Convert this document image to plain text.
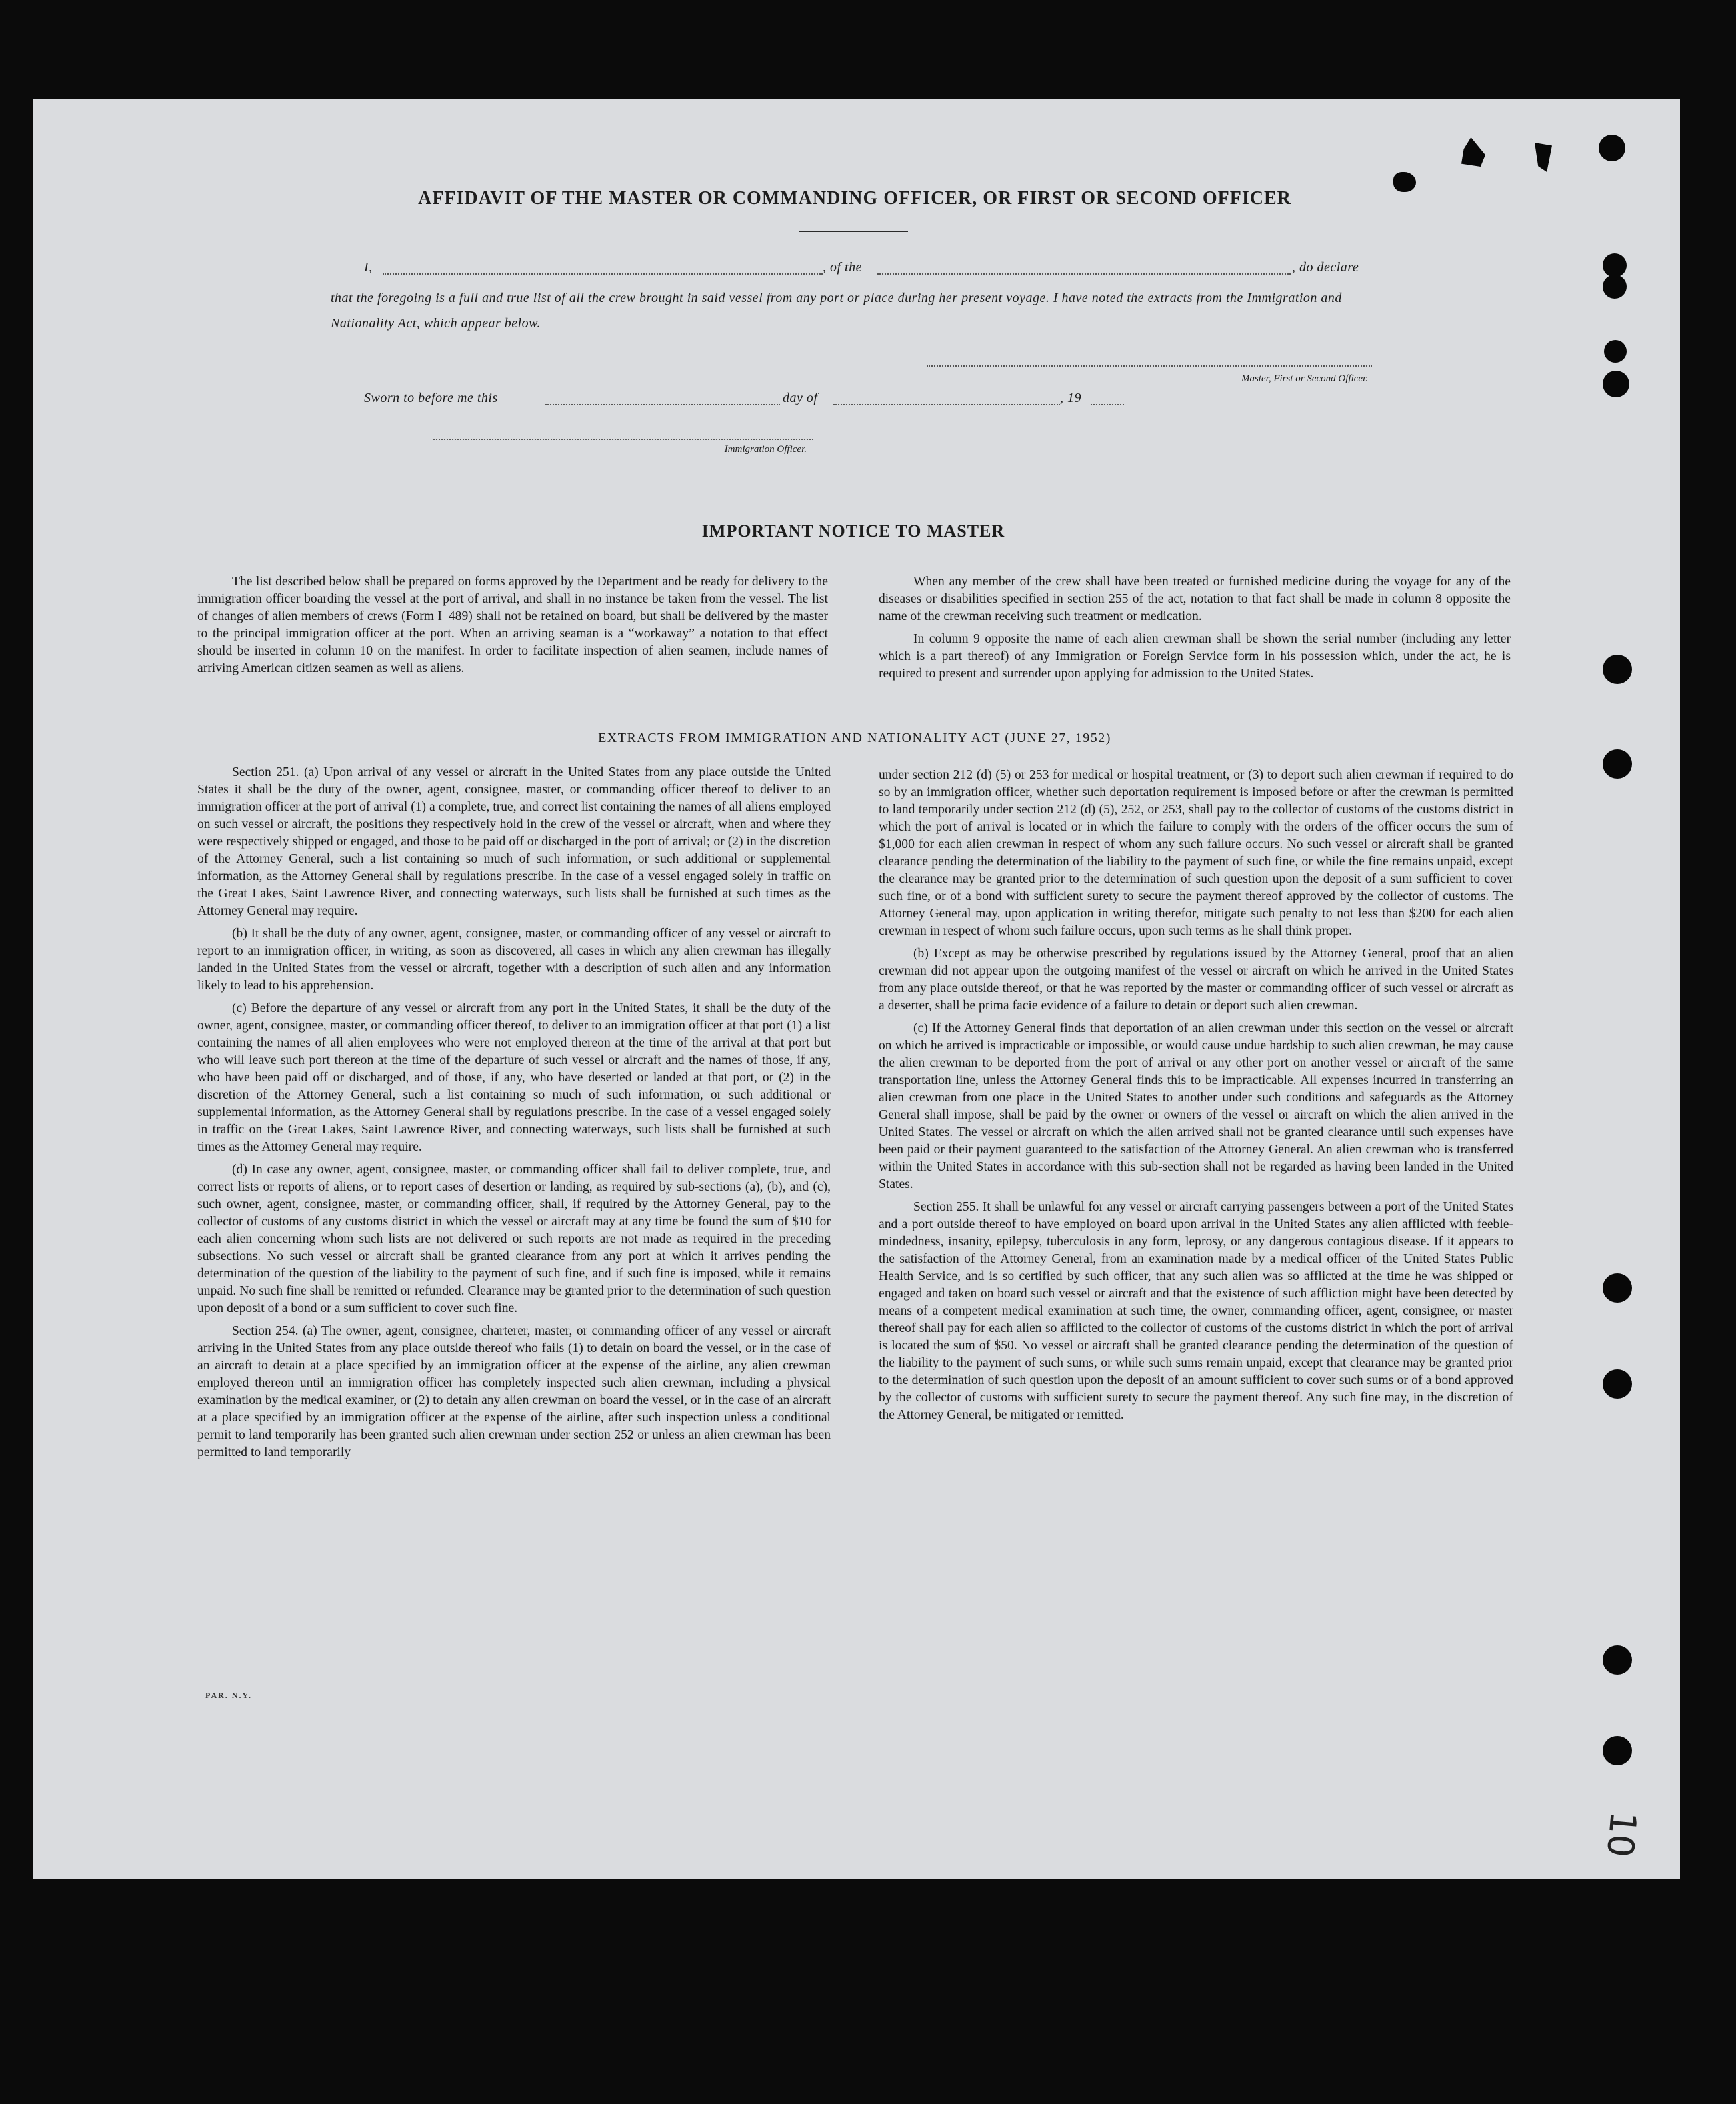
AFFIDAVIT OF THE MASTER OR COMMANDING OFFICER, OR FIRST OR SECOND OFFICER
I,	, of the	, do declare
that the foregoing is a full and true list of all the crew brought in said vessel from any port or place during her present voyage. I have noted the extracts from the Immigration and Nationality Act, which appear below.
Master, First or Second Officer.
Sworn to before me this	day of	, 19
Immigration Officer.
IMPORTANT NOTICE TO MASTER

The list described below shall be prepared on forms approved by the Department and be ready for delivery to the immigration officer boarding the vessel at the port of arrival, and shall in no instance be taken from the vessel. The list of changes of alien members of crews (Form I–489) shall not be retained on board, but shall be delivered by the master to the principal immigration officer at the port. When an arriving seaman is a “workaway” a notation to that effect should be inserted in column 10 on the manifest. In order to facilitate inspection of alien seamen, include names of arriving American citizen seamen as well as aliens.

When any member of the crew shall have been treated or furnished medicine during the voyage for any of the diseases or disabilities specified in section 255 of the act, notation to that fact shall be made in column 8 opposite the name of the crewman receiving such treatment or medication.

In column 9 opposite the name of each alien crewman shall be shown the serial number (including any letter which is a part thereof) of any Immigration or Foreign Service form in his possession which, under the act, he is required to present and surrender upon applying for admission to the United States.

EXTRACTS FROM IMMIGRATION AND NATIONALITY ACT (JUNE 27, 1952)

Section 251. (a) Upon arrival of any vessel or aircraft in the United States from any place outside the United States it shall be the duty of the owner, agent, consignee, master, or commanding officer thereof to deliver to an immigration officer at the port of arrival (1) a complete, true, and correct list containing the names of all aliens employed on such vessel or aircraft, the positions they respectively hold in the crew of the vessel or aircraft, when and where they were respectively shipped or engaged, and those to be paid off or discharged in the port of arrival; or (2) in the discretion of the Attorney General, such a list containing so much of such information, or such additional or supplemental information, as the Attorney General shall by regulations prescribe. In the case of a vessel engaged solely in traffic on the Great Lakes, Saint Lawrence River, and connecting waterways, such lists shall be furnished at such times as the Attorney General may require.

(b) It shall be the duty of any owner, agent, consignee, master, or commanding officer of any vessel or aircraft to report to an immigration officer, in writing, as soon as discovered, all cases in which any alien crewman has illegally landed in the United States from the vessel or aircraft, together with a description of such alien and any information likely to lead to his apprehension.

(c) Before the departure of any vessel or aircraft from any port in the United States, it shall be the duty of the owner, agent, consignee, master, or commanding officer thereof, to deliver to an immigration officer at that port (1) a list containing the names of all alien employees who were not employed thereon at the time of the arrival at that port but who will leave such port thereon at the time of the departure of such vessel or aircraft and the names of those, if any, who have been paid off or discharged, and of those, if any, who have deserted or landed at that port, or (2) in the discretion of the Attorney General, such a list containing so much of such information, or such additional or supplemental information, as the Attorney General shall by regulations prescribe. In the case of a vessel engaged solely in traffic on the Great Lakes, Saint Lawrence River, and connecting waterways, such lists shall be furnished at such times as the Attorney General may require.

(d) In case any owner, agent, consignee, master, or commanding officer shall fail to deliver complete, true, and correct lists or reports of aliens, or to report cases of desertion or landing, as required by sub-sections (a), (b), and (c), such owner, agent, consignee, master, or commanding officer, shall, if required by the Attorney General, pay to the collector of customs of any customs district in which the vessel or aircraft may at any time be found the sum of $10 for each alien concerning whom such lists are not delivered or such reports are not made as required in the preceding subsections. No such vessel or aircraft shall be granted clearance from any port at which it arrives pending the determination of the question of the liability to the payment of such fine, and if such fine is imposed, while it remains unpaid. No such fine shall be remitted or refunded. Clearance may be granted prior to the determination of such question upon deposit of a bond or a sum sufficient to cover such fine.

Section 254. (a) The owner, agent, consignee, charterer, master, or commanding officer of any vessel or aircraft arriving in the United States from any place outside thereof who fails (1) to detain on board the vessel, or in the case of an aircraft to detain at a place specified by an immigration officer at the expense of the airline, any alien crewman employed thereon until an immigration officer has completely inspected such alien crewman, including a physical examination by the medical examiner, or (2) to detain any alien crewman on board the vessel, or in the case of an aircraft at a place specified by an immigration officer at the expense of the airline, after such inspection unless a conditional permit to land temporarily has been granted such alien crewman under section 252 or unless an alien crewman has been permitted to land temporarily

under section 212 (d) (5) or 253 for medical or hospital treatment, or (3) to deport such alien crewman if required to do so by an immigration officer, whether such deportation requirement is imposed before or after the crewman is permitted to land temporarily under section 212 (d) (5), 252, or 253, shall pay to the collector of customs of the customs district in which the port of arrival is located or in which the failure to comply with the orders of the officer occurs the sum of $1,000 for each alien crewman in respect of whom any such failure occurs. No such vessel or aircraft shall be granted clearance pending the determination of the liability to the payment of such fine, or while the fine remains unpaid, except the clearance may be granted prior to the determination of such question upon the deposit of a sum sufficient to cover such fine, or of a bond with sufficient surety to secure the payment thereof approved by the collector of customs. The Attorney General may, upon application in writing therefor, mitigate such penalty to not less than $200 for each alien crewman in respect of whom such failure occurs, upon such terms as he shall think proper.

(b) Except as may be otherwise prescribed by regulations issued by the Attorney General, proof that an alien crewman did not appear upon the outgoing manifest of the vessel or aircraft on which he arrived in the United States from any place outside thereof, or that he was reported by the master or commanding officer of such vessel or aircraft as a deserter, shall be prima facie evidence of a failure to detain or deport such alien crewman.

(c) If the Attorney General finds that deportation of an alien crewman under this section on the vessel or aircraft on which he arrived is impracticable or impossible, or would cause undue hardship to such alien crewman, he may cause the alien crewman to be deported from the port of arrival or any other port on another vessel or aircraft of the same transportation line, unless the Attorney General finds this to be impracticable. All expenses incurred in transferring an alien crewman from one place in the United States to another under such conditions and safeguards as the Attorney General shall impose, shall be paid by the owner or owners of the vessel or aircraft on which the alien arrived in the United States. The vessel or aircraft on which the alien arrived shall not be granted clearance until such expenses have been paid or their payment guaranteed to the satisfaction of the Attorney General. An alien crewman who is transferred within the United States in accordance with this sub-section shall not be regarded as having been landed in the United States.

Section 255. It shall be unlawful for any vessel or aircraft carrying passengers between a port of the United States and a port outside thereof to have employed on board upon arrival in the United States any alien afflicted with feeble-mindedness, insanity, epilepsy, tuberculosis in any form, leprosy, or any dangerous contagious disease. If it appears to the satisfaction of the Attorney General, from an examination made by a medical officer of the United States Public Health Service, and is so certified by such officer, that any such alien was so afflicted at the time he was shipped or engaged and taken on board such vessel or aircraft and that the existence of such affliction might have been detected by means of a competent medical examination at such time, the owner, commanding officer, agent, consignee, or master thereof shall pay for each alien so afflicted to the collector of customs of the customs district in which the port of arrival is located the sum of $50. No vessel or aircraft shall be granted clearance pending the determination of the question of the liability to the payment of such sums, or while such sums remain unpaid, except that clearance may be granted prior to the determination of such question upon the deposit of an amount sufficient to cover such sums or of a bond approved by the collector of customs with sufficient surety to secure the payment thereof. Any such fine may, in the discretion of the Attorney General, be mitigated or remitted.

PAR. N.Y.
10
